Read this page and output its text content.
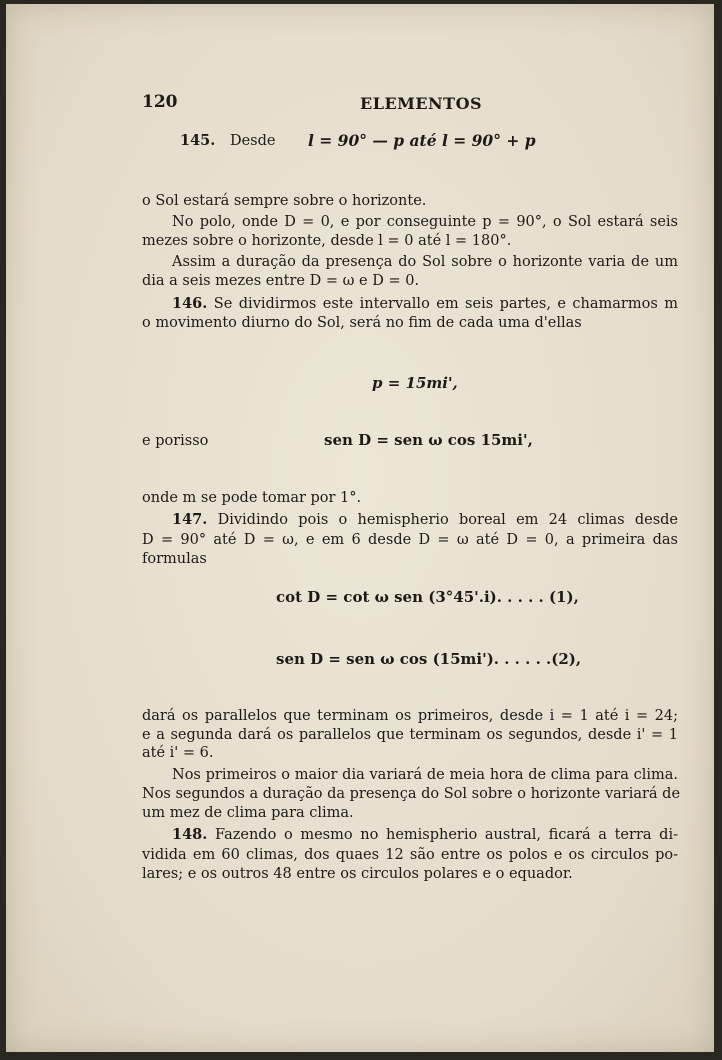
120	ELEMENTOS
145. Desde l = 90° — p até l = 90° + p
o Sol estará sempre sobre o horizonte.
No polo, onde D = 0, e por conseguinte p = 90°, o Sol estará seis
mezes sobre o horizonte, desde l = 0 até l = 180°.
Assim a duração da presença do Sol sobre o horizonte varia de um
dia a seis mezes entre D = ω e D = 0.
146. Se dividirmos este intervallo em seis partes, e chamarmos m
o movimento diurno do Sol, será no fim de cada uma d'ellas
p = 15mi',
e porisso	sen D = sen ω cos 15mi',
onde m se pode tomar por 1°.
147. Dividindo pois o hemispherio boreal em 24 climas desde
D = 90° até D = ω, e em 6 desde D = ω até D = 0, a primeira das
formulas
cot D = cot ω sen (3°45'.i). . . . . (1),
sen D = sen ω cos (15mi'). . . . . .(2),
dará os parallelos que terminam os primeiros, desde i = 1 até i = 24;
e a segunda dará os parallelos que terminam os segundos, desde i' = 1
até i' = 6.
Nos primeiros o maior dia variará de meia hora de clima para clima.
Nos segundos a duração da presença do Sol sobre o horizonte variará de
um mez de clima para clima.
148. Fazendo o mesmo no hemispherio austral, ficará a terra di-
vidida em 60 climas, dos quaes 12 são entre os polos e os circulos po-
lares; e os outros 48 entre os circulos polares e o equador.
